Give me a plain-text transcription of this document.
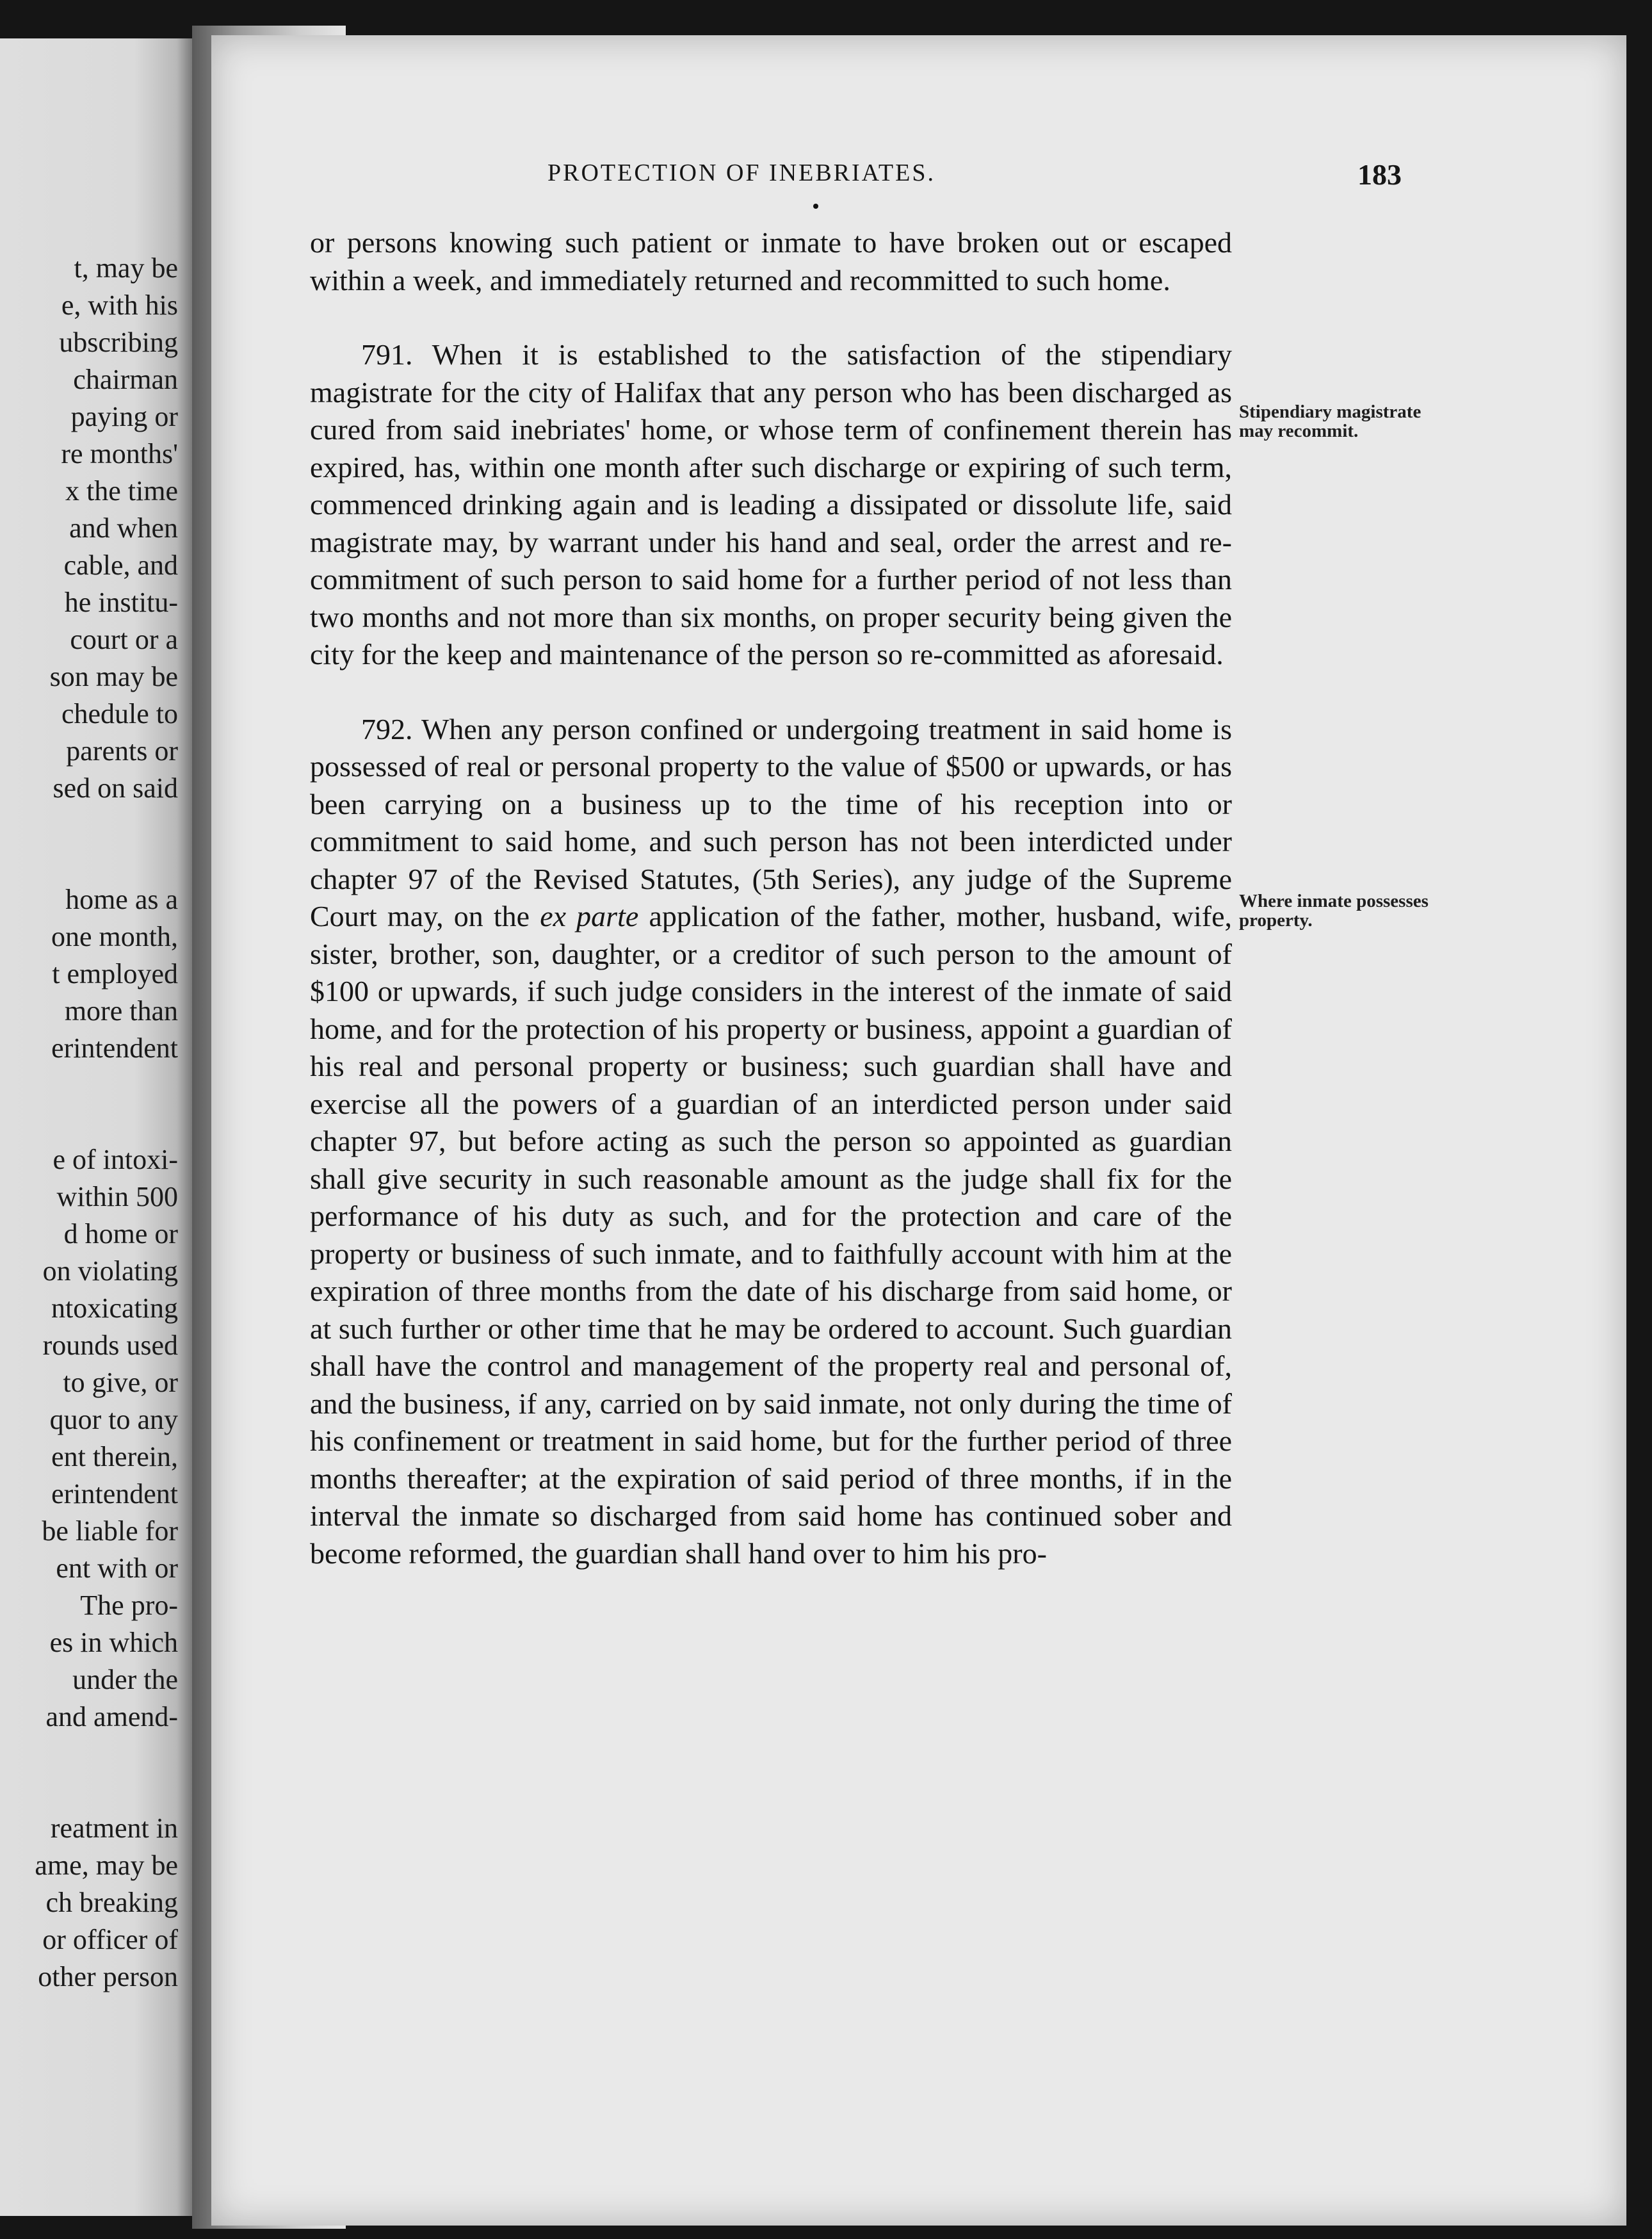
t, may be
e, with his
ubscribing
chairman
paying or
re months'
x the time
and when
cable, and
he institu-
court or a
son may be
chedule to
parents or
sed on said
home as a
one month,
t employed
more than
erintendent
e of intoxi-
within 500
d home or
on violating
ntoxicating
rounds used
to give, or
quor to any
ent therein,
erintendent
be liable for
ent with or
The pro-
es in which
under the
and amend-
reatment in
ame, may be
ch breaking
or officer of
other person
PROTECTION OF INEBRIATES.	183

or persons knowing such patient or inmate to have broken out or escaped within a week, and immediately returned and recommitted to such home.

791. When it is established to the satisfaction of the stipendiary magistrate for the city of Halifax that any person who has been discharged as cured from said inebriates' home, or whose term of confinement therein has expired, has, within one month after such discharge or expiring of such term, commenced drinking again and is leading a dissipated or dissolute life, said magistrate may, by warrant under his hand and seal, order the arrest and re-commitment of such person to said home for a further period of not less than two months and not more than six months, on proper security being given the city for the keep and maintenance of the person so re-committed as aforesaid.

792. When any person confined or undergoing treatment in said home is possessed of real or personal property to the value of $500 or upwards, or has been carrying on a business up to the time of his reception into or commitment to said home, and such person has not been interdicted under chapter 97 of the Revised Statutes, (5th Series), any judge of the Supreme Court may, on the ex parte application of the father, mother, husband, wife, sister, brother, son, daughter, or a creditor of such person to the amount of $100 or upwards, if such judge considers in the interest of the inmate of said home, and for the protection of his property or business, appoint a guardian of his real and personal property or business; such guardian shall have and exercise all the powers of a guardian of an interdicted person under said chapter 97, but before acting as such the person so appointed as guardian shall give security in such reasonable amount as the judge shall fix for the performance of his duty as such, and for the protection and care of the property or business of such inmate, and to faithfully account with him at the expiration of three months from the date of his discharge from said home, or at such further or other time that he may be ordered to account. Such guardian shall have the control and management of the property real and personal of, and the business, if any, carried on by said inmate, not only during the time of his confinement or treatment in said home, but for the further period of three months thereafter; at the expiration of said period of three months, if in the interval the inmate so discharged from said home has continued sober and become reformed, the guardian shall hand over to him his pro-

Stipendiary magistrate may recommit.
Where inmate possesses property.
